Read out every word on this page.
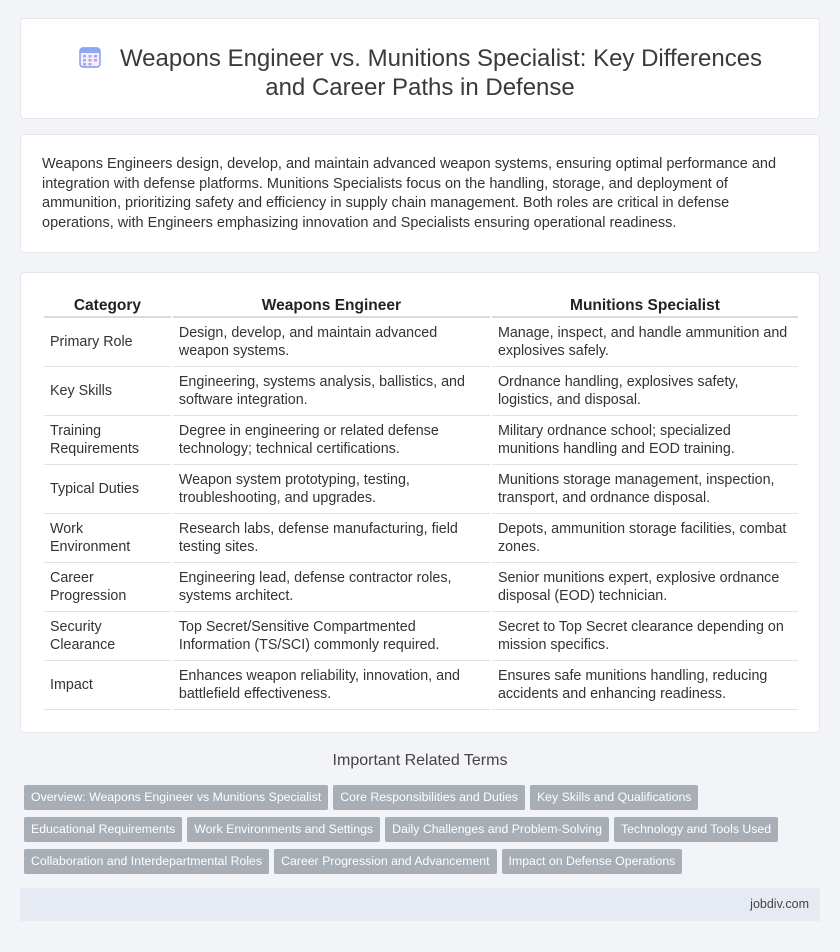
Weapons Engineer vs. Munitions Specialist: Key Differences and Career Paths in Defense

Weapons Engineers design, develop, and maintain advanced weapon systems, ensuring optimal performance and integration with defense platforms. Munitions Specialists focus on the handling, storage, and deployment of ammunition, prioritizing safety and efficiency in supply chain management. Both roles are critical in defense operations, with Engineers emphasizing innovation and Specialists ensuring operational readiness.

Category	Weapons Engineer	Munitions Specialist
Primary Role	Design, develop, and maintain advanced weapon systems.	Manage, inspect, and handle ammunition and explosives safely.
Key Skills	Engineering, systems analysis, ballistics, and software integration.	Ordnance handling, explosives safety, logistics, and disposal.
Training Requirements	Degree in engineering or related defense technology; technical certifications.	Military ordnance school; specialized munitions handling and EOD training.
Typical Duties	Weapon system prototyping, testing, troubleshooting, and upgrades.	Munitions storage management, inspection, transport, and ordnance disposal.
Work Environment	Research labs, defense manufacturing, field testing sites.	Depots, ammunition storage facilities, combat zones.
Career Progression	Engineering lead, defense contractor roles, systems architect.	Senior munitions expert, explosive ordnance disposal (EOD) technician.
Security Clearance	Top Secret/Sensitive Compartmented Information (TS/SCI) commonly required.	Secret to Top Secret clearance depending on mission specifics.
Impact	Enhances weapon reliability, innovation, and battlefield effectiveness.	Ensures safe munitions handling, reducing accidents and enhancing readiness.
Important Related Terms
Overview: Weapons Engineer vs Munitions Specialist Core Responsibilities and Duties Key Skills and Qualifications
Educational Requirements Work Environments and Settings Daily Challenges and Problem-Solving Technology and Tools Used
Collaboration and Interdepartmental Roles Career Progression and Advancement Impact on Defense Operations
jobdiv.com
